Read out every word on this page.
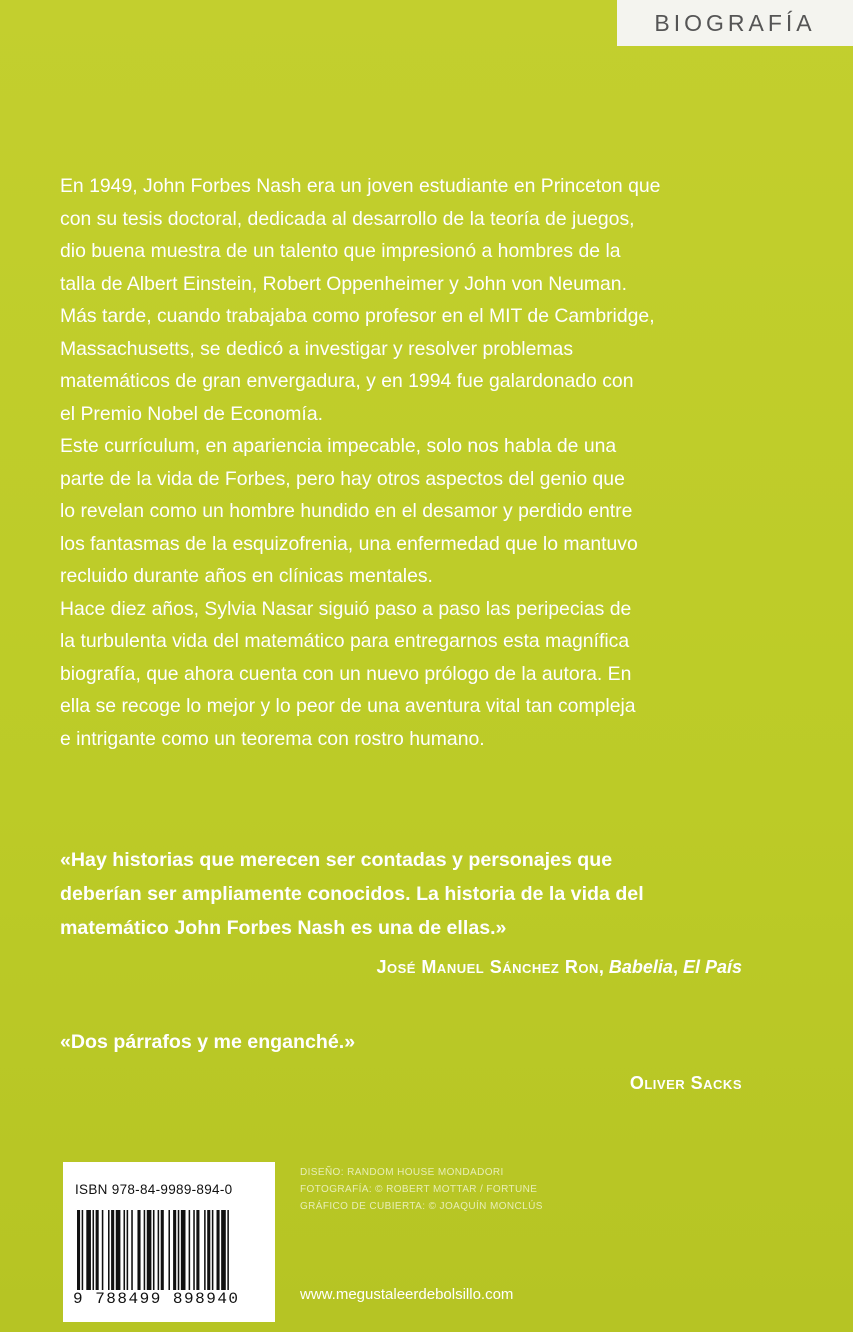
BIOGRAFÍA

En 1949, John Forbes Nash era un joven estudiante en Princeton que

con su tesis doctoral, dedicada al desarrollo de la teoría de juegos,

dio buena muestra de un talento que impresionó a hombres de la

talla de Albert Einstein, Robert Oppenheimer y John von Neuman.

Más tarde, cuando trabajaba como profesor en el MIT de Cambridge,

Massachusetts, se dedicó a investigar y resolver problemas

matemáticos de gran envergadura, y en 1994 fue galardonado con

el Premio Nobel de Economía.

Este currículum, en apariencia impecable, solo nos habla de una

parte de la vida de Forbes, pero hay otros aspectos del genio que

lo revelan como un hombre hundido en el desamor y perdido entre

los fantasmas de la esquizofrenia, una enfermedad que lo mantuvo

recluido durante años en clínicas mentales.

Hace diez años, Sylvia Nasar siguió paso a paso las peripecias de

la turbulenta vida del matemático para entregarnos esta magnífica

biografía, que ahora cuenta con un nuevo prólogo de la autora. En

ella se recoge lo mejor y lo peor de una aventura vital tan compleja

e intrigante como un teorema con rostro humano.

«Hay historias que merecen ser contadas y personajes que
deberían ser ampliamente conocidos. La historia de la vida del
matemático John Forbes Nash es una de ellas.»
José Manuel Sánchez Ron, Babelia, El País
«Dos párrafos y me enganché.»
Oliver Sacks
ISBN 978-84-9989-894-0
9 788499 898940
DISEÑO: RANDOM HOUSE MONDADORI
FOTOGRAFÍA: © ROBERT MOTTAR / FORTUNE
GRÁFICO DE CUBIERTA: © JOAQUÍN MONCLÚS
www.megustaleerdebolsillo.com
